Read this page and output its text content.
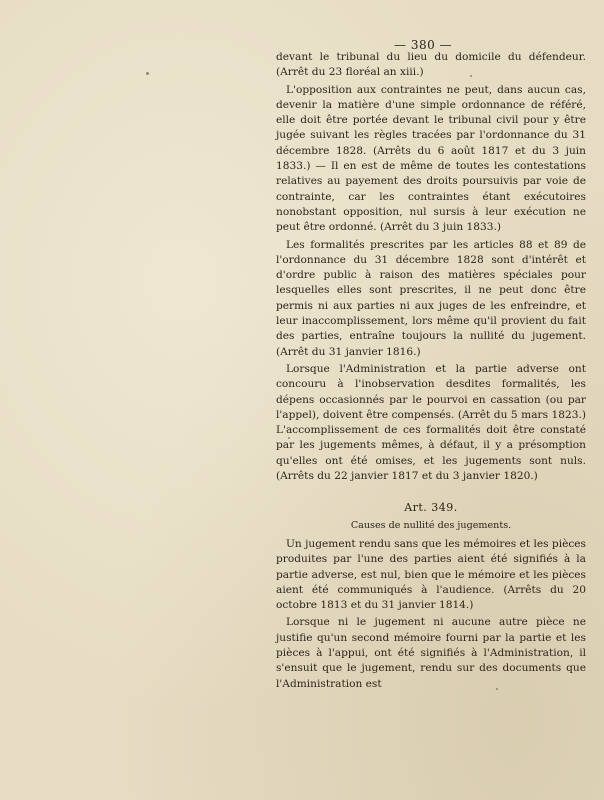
— 380 —

devant le tribunal du lieu du domicile du défendeur. (Arrêt du 23 floréal an xiii.)

L'opposition aux contraintes ne peut, dans aucun cas, devenir la matière d'une simple ordonnance de référé, elle doit être portée devant le tribunal civil pour y être jugée suivant les règles tracées par l'ordonnance du 31 décembre 1828. (Arrêts du 6 août 1817 et du 3 juin 1833.) — Il en est de même de toutes les contestations relatives au payement des droits poursuivis par voie de contrainte, car les contraintes étant exécutoires nonobstant opposition, nul sursis à leur exécution ne peut être ordonné. (Arrêt du 3 juin 1833.)

Les formalités prescrites par les articles 88 et 89 de l'ordonnance du 31 décembre 1828 sont d'intérêt et d'ordre public à raison des matières spéciales pour lesquelles elles sont prescrites, il ne peut donc être permis ni aux parties ni aux juges de les enfreindre, et leur inaccomplissement, lors même qu'il provient du fait des parties, entraîne toujours la nullité du jugement. (Arrêt du 31 janvier 1816.)

Lorsque l'Administration et la partie adverse ont concouru à l'inobservation desdites formalités, les dépens occasionnés par le pourvoi en cassation (ou par l'appel), doivent être compensés. (Arrêt du 5 mars 1823.) L'accomplissement de ces formalités doit être constaté par les jugements mêmes, à défaut, il y a présomption qu'elles ont été omises, et les jugements sont nuls. (Arrêts du 22 janvier 1817 et du 3 janvier 1820.)

Art. 349.
Causes de nullité des jugements.

Un jugement rendu sans que les mémoires et les pièces produites par l'une des parties aient été signifiés à la partie adverse, est nul, bien que le mémoire et les pièces aient été communiqués à l'audience. (Arrêts du 20 octobre 1813 et du 31 janvier 1814.)

Lorsque ni le jugement ni aucune autre pièce ne justifie qu'un second mémoire fourni par la partie et les pièces à l'appui, ont été signifiés à l'Administration, il s'ensuit que le jugement, rendu sur des documents que l'Administration est
